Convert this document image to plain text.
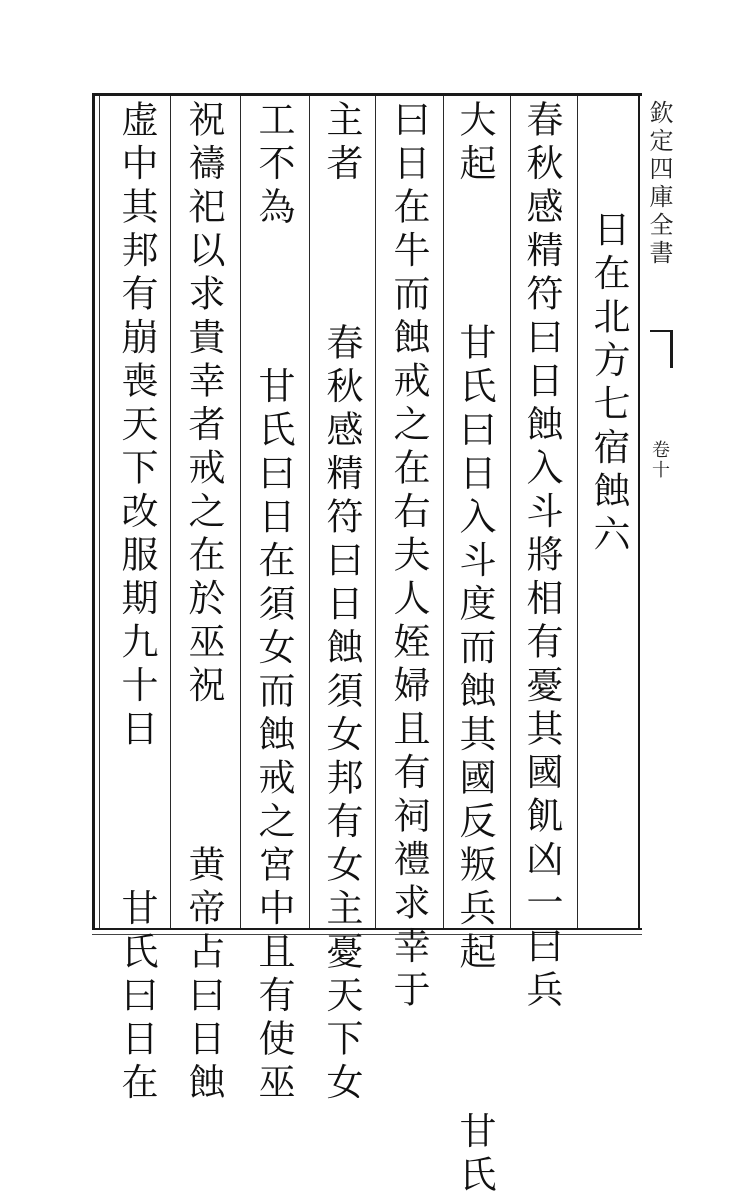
欽定四庫全書
卷十
日在北方七宿蝕六
春秋感精符曰日蝕入斗將相有憂其國飢凶一曰兵
大起  甘氏曰日入斗度而蝕其國反叛兵起  甘氏
曰日在牛而蝕戒之在右夫人姪婦且有祠禮求幸于
主者  春秋感精符曰日蝕須女邦有女主憂天下女
工不為  甘氏曰日在須女而蝕戒之宮中且有使巫
祝禱祀以求貴幸者戒之在於巫祝  黄帝占曰日蝕
虚中其邦有崩喪天下改服期九十日  甘氏曰日在
